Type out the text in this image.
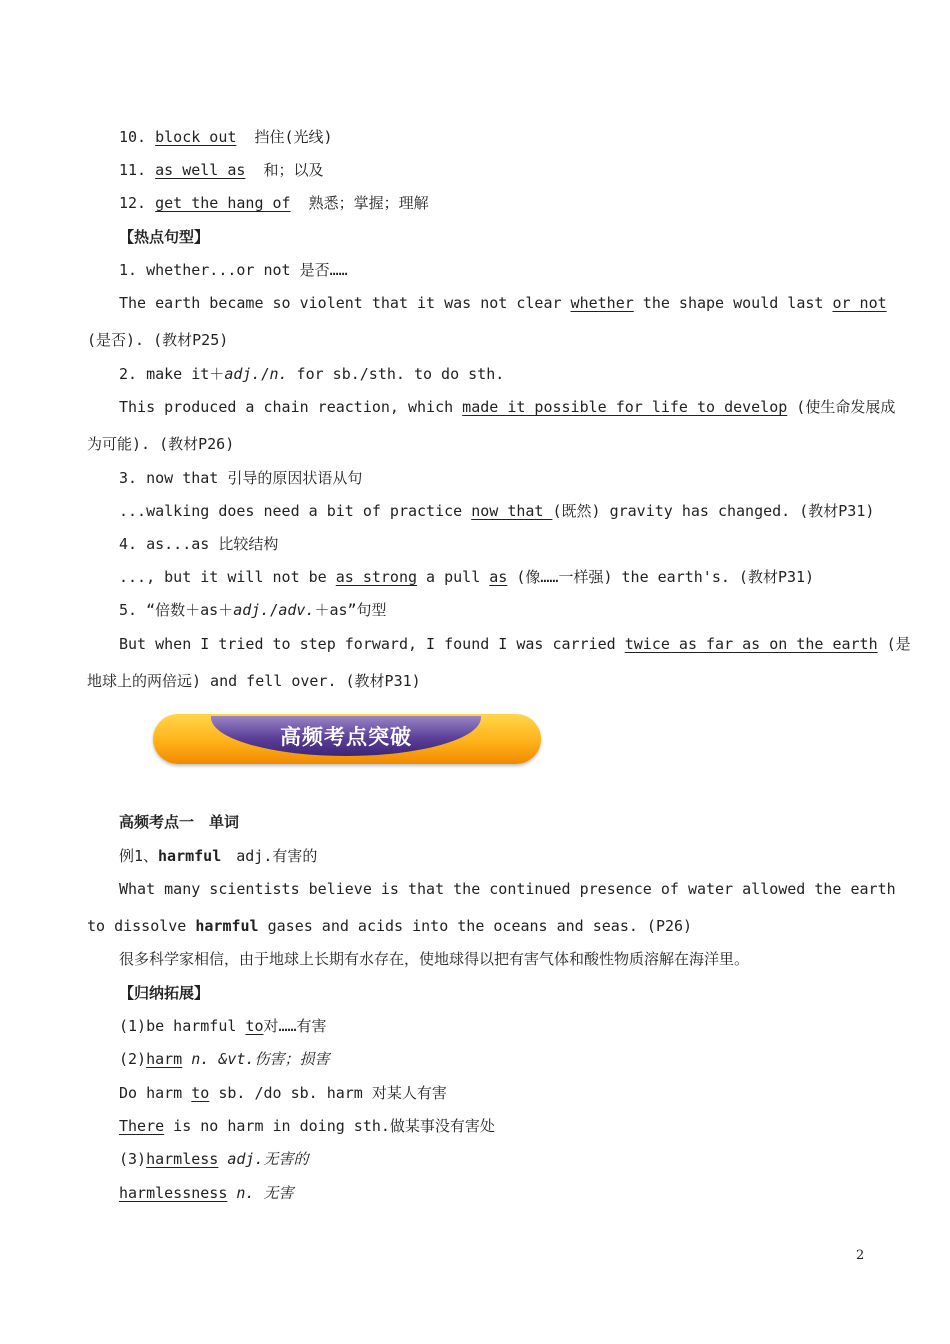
10. block out 挡住(光线)
11. as well as 和；以及
12. get the hang of 熟悉；掌握；理解
【热点句型】
1. whether...or not 是否……
The earth became so violent that it was not clear whether the shape would last or not
(是否). (教材P25)
2. make it＋adj./n. for sb./sth. to do sth.
This produced a chain reaction, which made it possible for life to develop (使生命发展成
为可能). (教材P26)
3. now that 引导的原因状语从句
...walking does need a bit of practice now that (既然) gravity has changed. (教材P31)
4. as...as 比较结构
..., but it will not be as strong a pull as (像……一样强) the earth's. (教材P31)
5. “倍数＋as＋adj./adv.＋as”句型
But when I tried to step forward, I found I was carried twice as far as on the earth (是
地球上的两倍远) and fell over. (教材P31)
高频考点突破
高频考点一　单词
例1、harmful　adj.有害的
What many scientists believe is that the continued presence of water allowed the earth
to dissolve harmful gases and acids into the oceans and seas. (P26)
很多科学家相信，由于地球上长期有水存在，使地球得以把有害气体和酸性物质溶解在海洋里。
【归纳拓展】
(1)be harmful to对……有害
(2)harm n. &vt.伤害；损害
Do harm to sb. /do sb. harm 对某人有害
There is no harm in doing sth.做某事没有害处
(3)harmless adj.无害的
harmlessness n. 无害
2
